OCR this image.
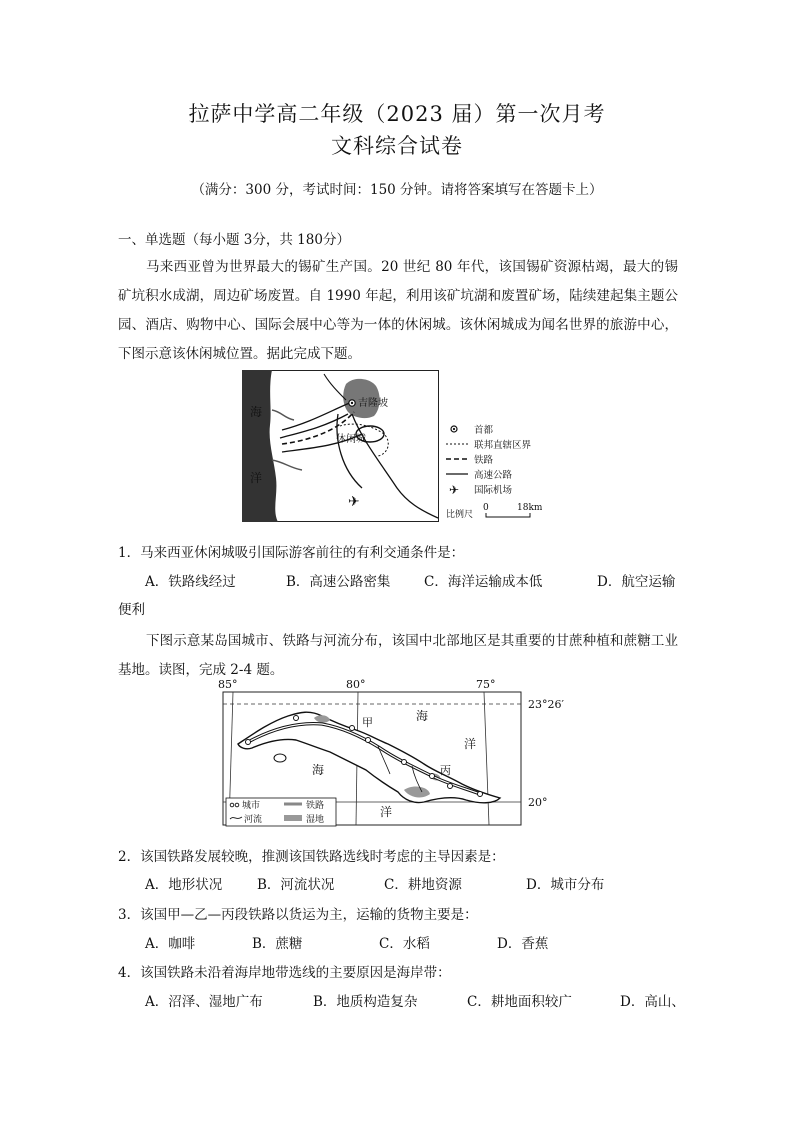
拉萨中学高二年级（2023 届）第一次月考
文科综合试卷
（满分：300 分，考试时间：150 分钟。请将答案填写在答题卡上）
一、单选题（每小题 3分，共 180分）
马来西亚曾为世界最大的锡矿生产国。20 世纪 80 年代，该国锡矿资源枯竭，最大的锡矿坑积水成湖，周边矿场废置。自 1990 年起，利用该矿坑湖和废置矿场，陆续建起集主题公园、酒店、购物中心、国际会展中心等为一体的休闲城。该休闲城成为闻名世界的旅游中心，下图示意该休闲城位置。据此完成下题。
✈
海
洋
吉隆坡
休闲城
首都
联邦直辖区界
铁路
高速公路
✈ 国际机场
比例尺
0	18km
1．马来西亚休闲城吸引国际游客前往的有利交通条件是：
A．铁路线经过	B．高速公路密集 C．海洋运输成本低	D．航空运输
便利
下图示意某岛国城市、铁路与河流分布，该国中北部地区是其重要的甘蔗种植和蔗糖工业基地。读图，完成 2-4 题。
85°	80°	75°
23°26′
20°
海
洋
海
洋
甲
丙
城市	铁路
河流	湿地
2．该国铁路发展较晚，推测该国铁路选线时考虑的主导因素是：
A．地形状况	B．河流状况	C．耕地资源	D．城市分布
3．该国甲—乙—丙段铁路以货运为主，运输的货物主要是：
A．咖啡	B．蔗糖	C．水稻	D．香蕉
4．该国铁路未沿着海岸地带选线的主要原因是海岸带：
A．沼泽、湿地广布	B．地质构造复杂	C．耕地面积较广	D．高山、
